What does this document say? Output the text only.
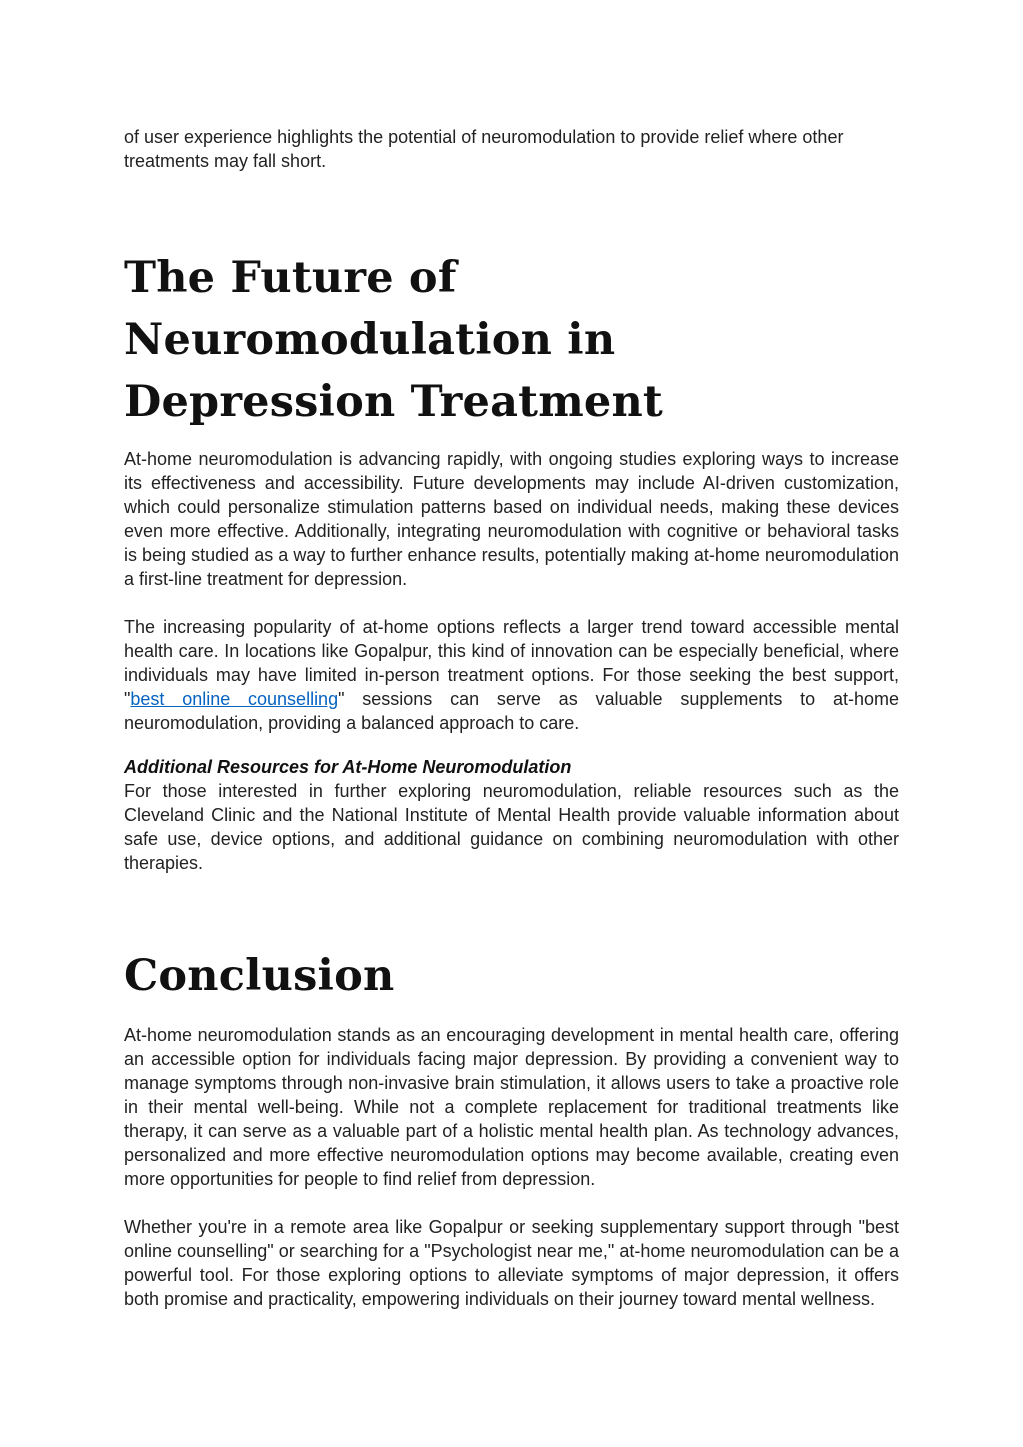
of user experience highlights the potential of neuromodulation to provide relief where other treatments may fall short.

The Future of Neuromodulation in Depression Treatment

At-home neuromodulation is advancing rapidly, with ongoing studies exploring ways to increase its effectiveness and accessibility. Future developments may include AI-driven customization, which could personalize stimulation patterns based on individual needs, making these devices even more effective. Additionally, integrating neuromodulation with cognitive or behavioral tasks is being studied as a way to further enhance results, potentially making at-home neuromodulation a first-line treatment for depression.

The increasing popularity of at-home options reflects a larger trend toward accessible mental health care. In locations like Gopalpur, this kind of innovation can be especially beneficial, where individuals may have limited in-person treatment options. For those seeking the best support, "best online counselling" sessions can serve as valuable supplements to at-home neuromodulation, providing a balanced approach to care.

Additional Resources for At-Home Neuromodulation

For those interested in further exploring neuromodulation, reliable resources such as the Cleveland Clinic and the National Institute of Mental Health provide valuable information about safe use, device options, and additional guidance on combining neuromodulation with other therapies.

Conclusion

At-home neuromodulation stands as an encouraging development in mental health care, offering an accessible option for individuals facing major depression. By providing a convenient way to manage symptoms through non-invasive brain stimulation, it allows users to take a proactive role in their mental well-being. While not a complete replacement for traditional treatments like therapy, it can serve as a valuable part of a holistic mental health plan. As technology advances, personalized and more effective neuromodulation options may become available, creating even more opportunities for people to find relief from depression.

Whether you're in a remote area like Gopalpur or seeking supplementary support through "best online counselling" or searching for a "Psychologist near me," at-home neuromodulation can be a powerful tool. For those exploring options to alleviate symptoms of major depression, it offers both promise and practicality, empowering individuals on their journey toward mental wellness.
